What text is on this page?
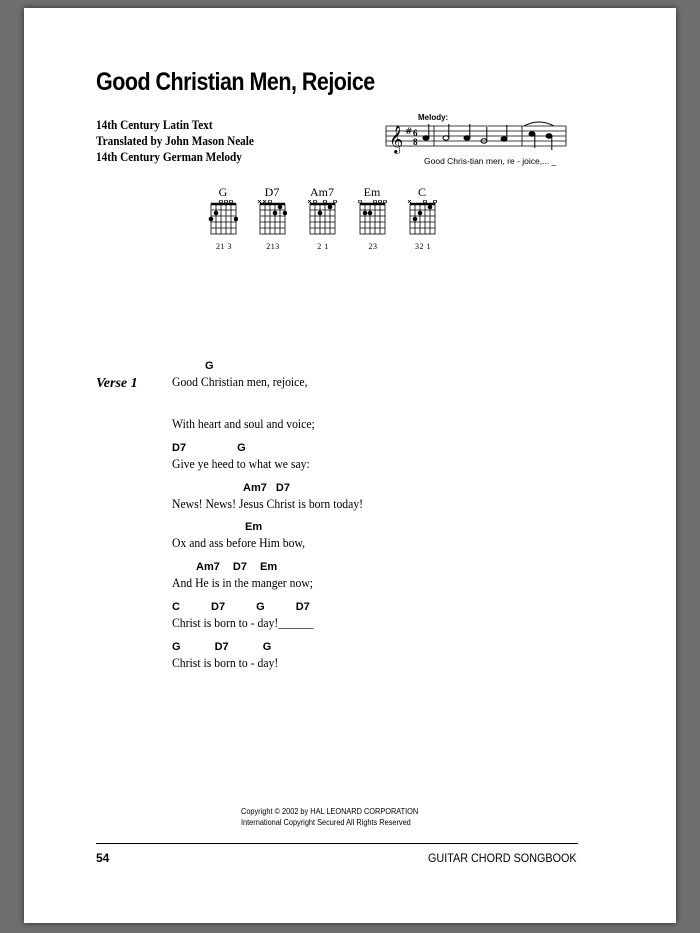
Good Christian Men, Rejoice
14th Century Latin Text
Translated by John Mason Neale
14th Century German Melody
Melody:
𝄞 # 6
8
Good Chris-tian men, re - joice,... _
G
21 3
D7
213
Am7
2 1
Em
23
C
32 1
Verse 1
G
Good Christian men, rejoice,
With heart and soul and voice;
D7 G
Give ye heed to what we say:
Am7 D7
News! News! Jesus Christ is born today!
Em
Ox and ass before Him bow,
Am7 D7 Em
And He is in the manger now;
C D7 G D7
Christ is born to - day!______
G D7 G
Christ is born to - day!
Copyright © 2002 by HAL LEONARD CORPORATION
International Copyright Secured All Rights Reserved
54	GUITAR CHORD SONGBOOK
